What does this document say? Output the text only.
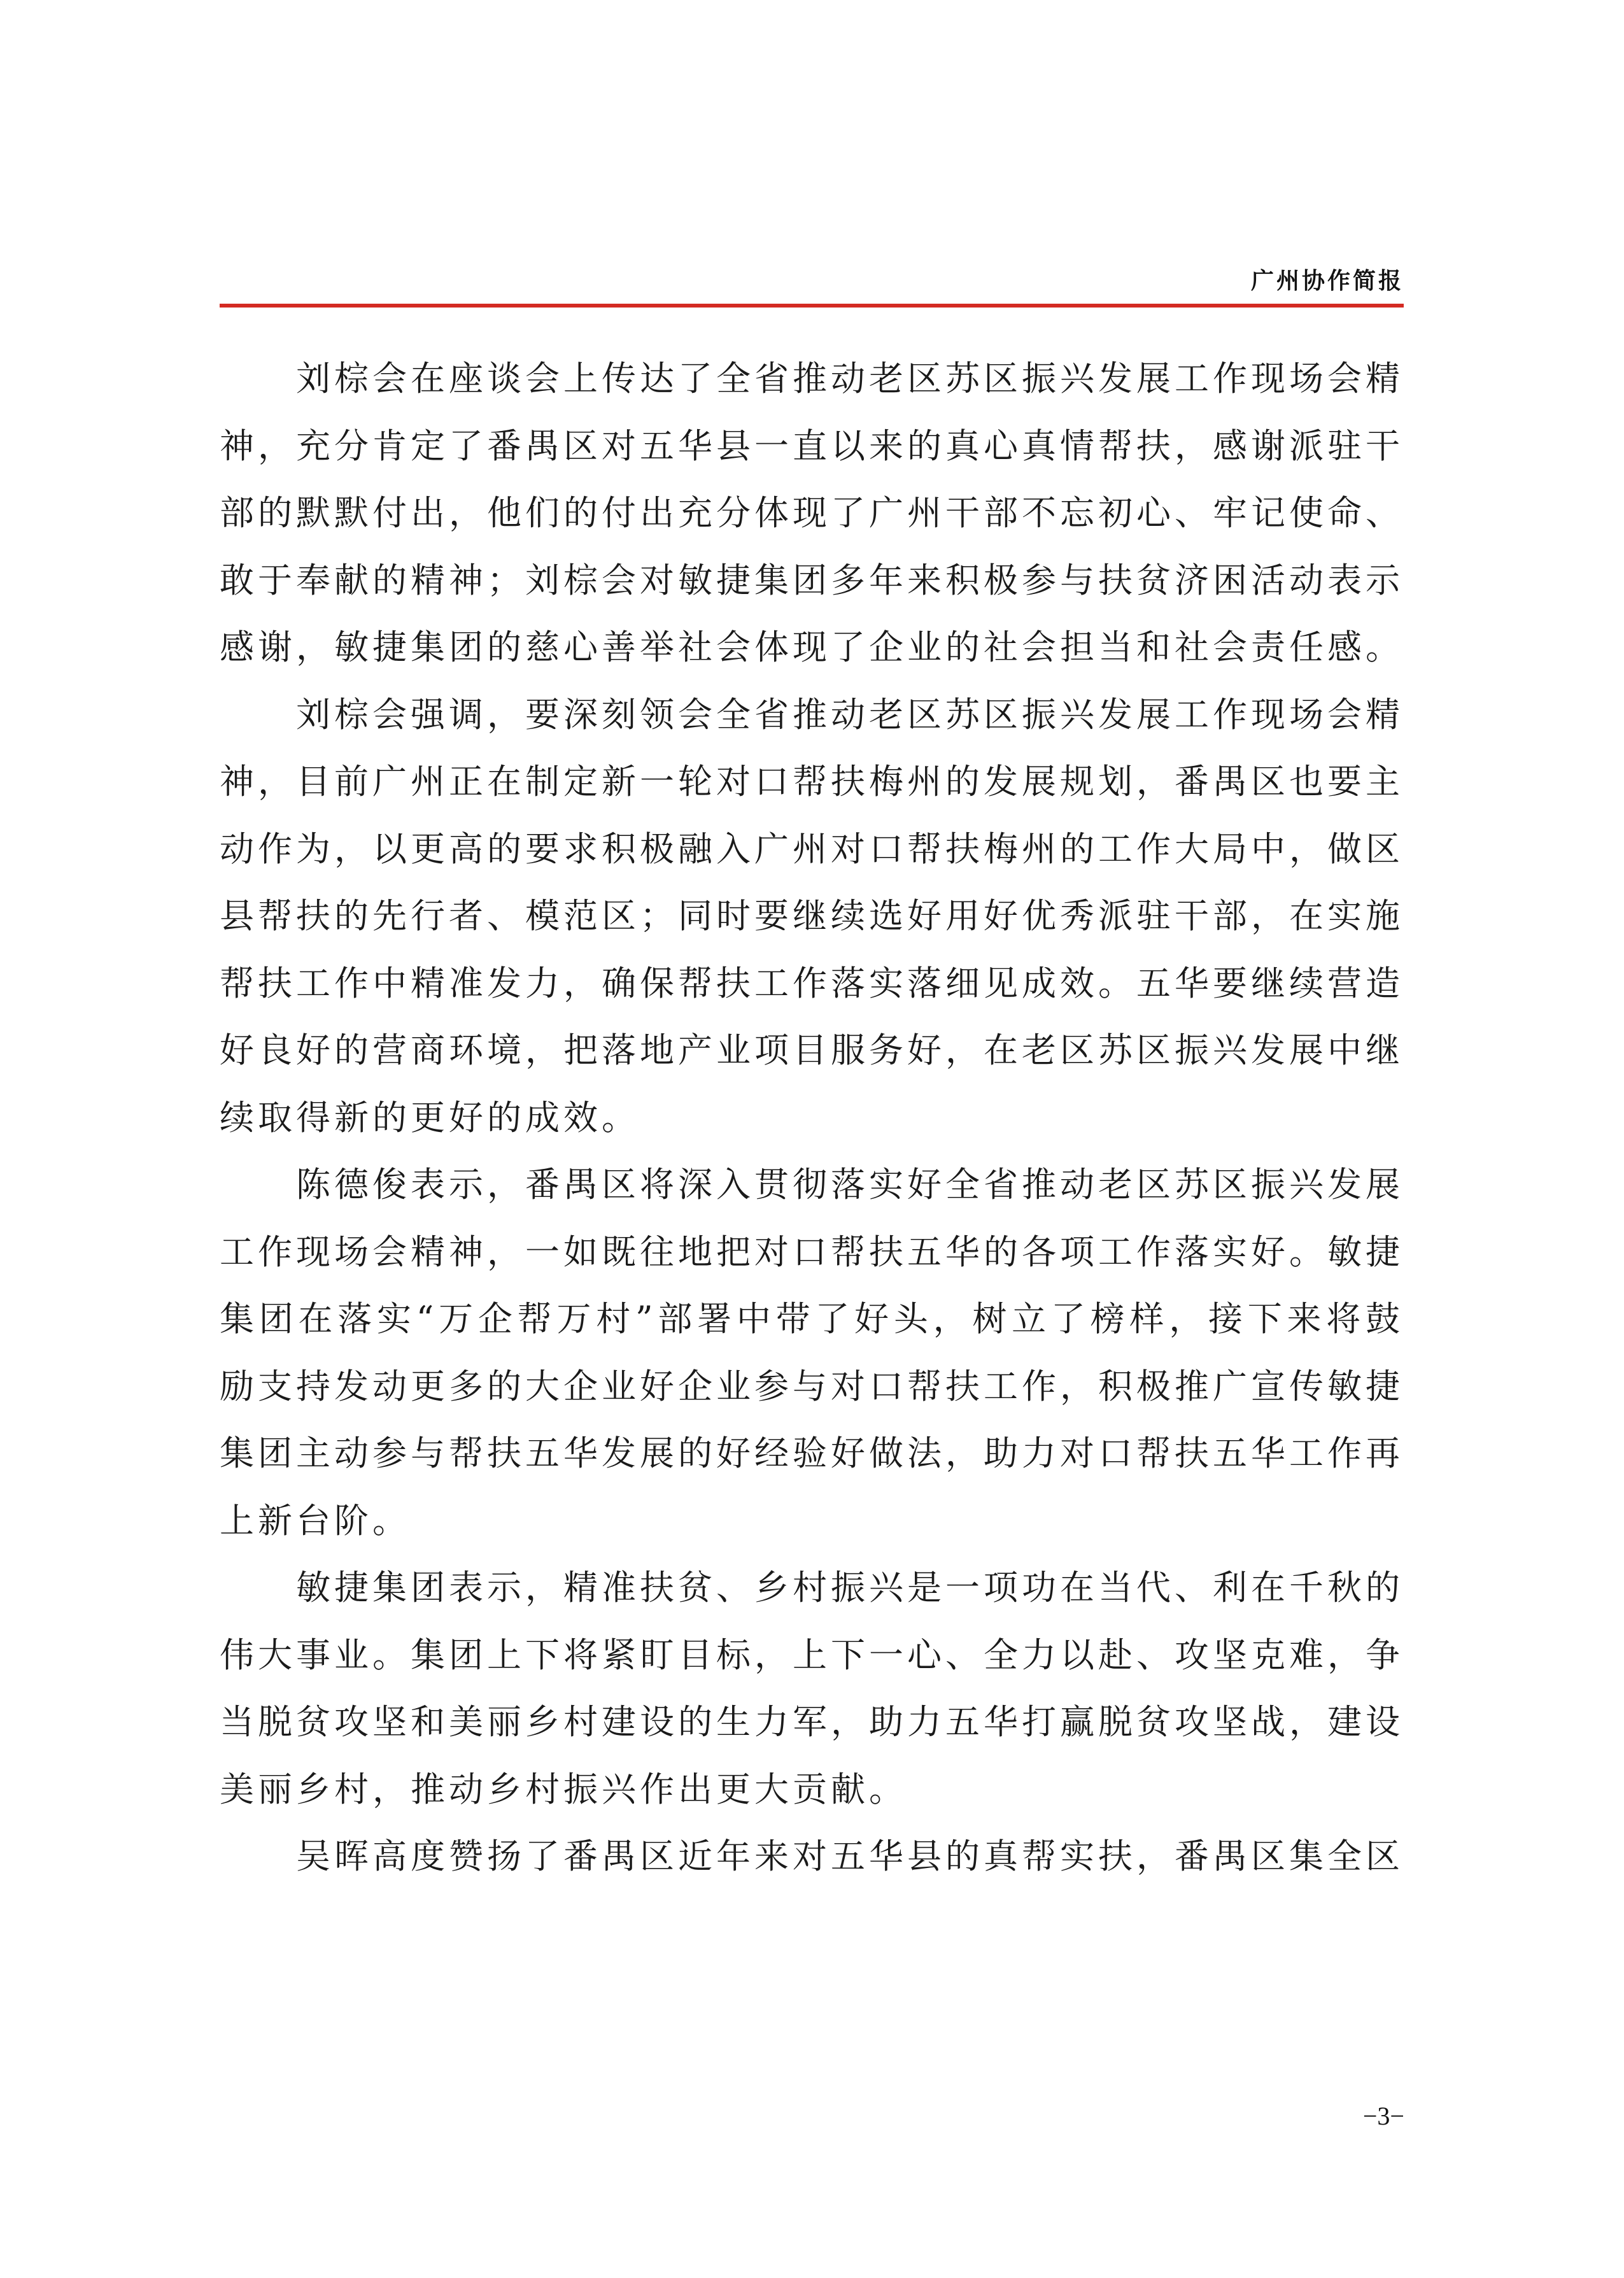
广州协作简报

刘棕会在座谈会上传达了全省推动老区苏区振兴发展工作现场会精神，充分肯定了番禺区对五华县一直以来的真心真情帮扶，感谢派驻干部的默默付出，他们的付出充分体现了广州干部不忘初心、牢记使命、敢于奉献的精神；刘棕会对敏捷集团多年来积极参与扶贫济困活动表示感谢，敏捷集团的慈心善举社会体现了企业的社会担当和社会责任感。

刘棕会强调，要深刻领会全省推动老区苏区振兴发展工作现场会精神，目前广州正在制定新一轮对口帮扶梅州的发展规划，番禺区也要主动作为，以更高的要求积极融入广州对口帮扶梅州的工作大局中，做区县帮扶的先行者、模范区；同时要继续选好用好优秀派驻干部，在实施帮扶工作中精准发力，确保帮扶工作落实落细见成效。五华要继续营造好良好的营商环境，把落地产业项目服务好，在老区苏区振兴发展中继续取得新的更好的成效。

陈德俊表示，番禺区将深入贯彻落实好全省推动老区苏区振兴发展工作现场会精神，一如既往地把对口帮扶五华的各项工作落实好。敏捷集团在落实“万企帮万村”部署中带了好头，树立了榜样，接下来将鼓励支持发动更多的大企业好企业参与对口帮扶工作，积极推广宣传敏捷集团主动参与帮扶五华发展的好经验好做法，助力对口帮扶五华工作再上新台阶。

敏捷集团表示，精准扶贫、乡村振兴是一项功在当代、利在千秋的伟大事业。集团上下将紧盯目标，上下一心、全力以赴、攻坚克难，争当脱贫攻坚和美丽乡村建设的生力军，助力五华打赢脱贫攻坚战，建设美丽乡村，推动乡村振兴作出更大贡献。

吴晖高度赞扬了番禺区近年来对五华县的真帮实扶，番禺区集全区

−3−
